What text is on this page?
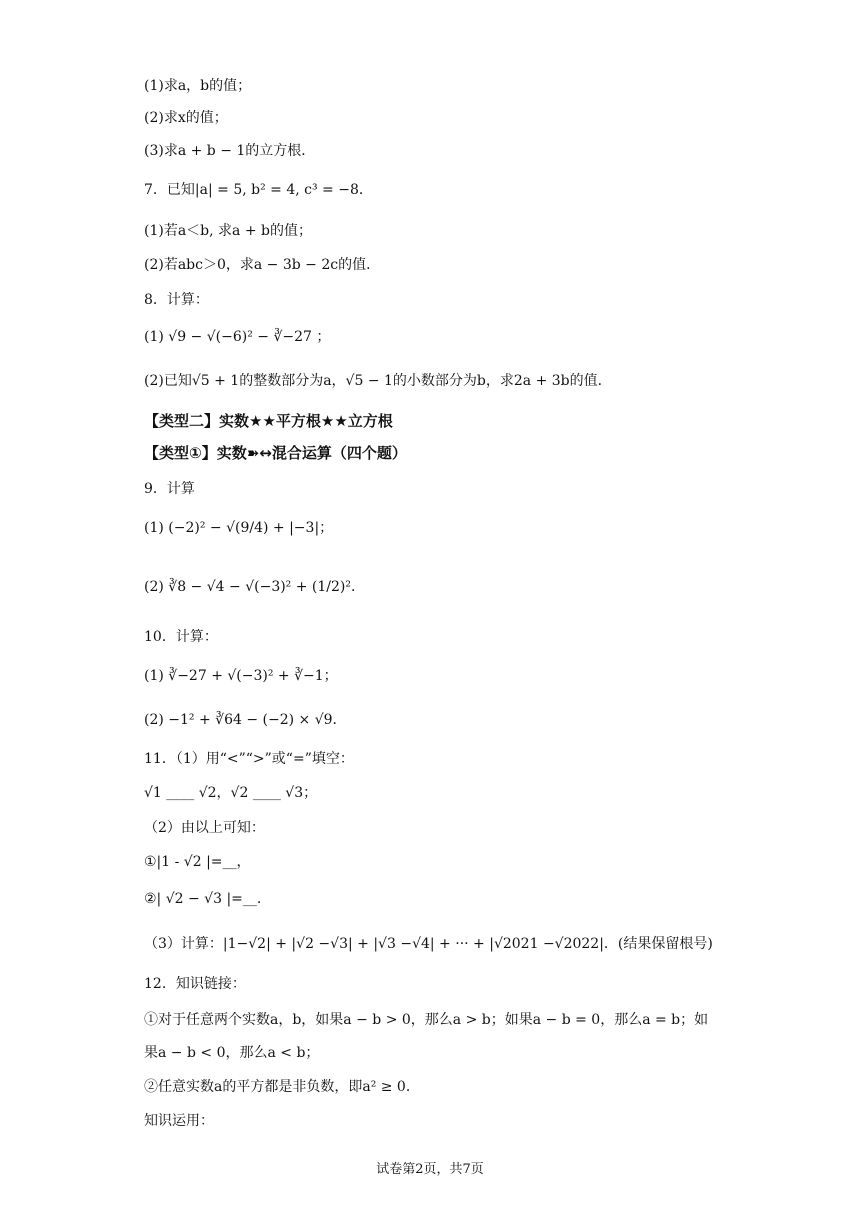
(1)求a，b的值；
(2)求x的值；
(3)求a + b − 1的立方根．
7．已知|a| = 5, b² = 4, c³ = −8．
(1)若a＜b, 求a + b的值；
(2)若abc＞0，求a − 3b − 2c的值．
8．计算：
(1) √9 − √(−6)² − ∛−27 ；
(2)已知√5 + 1的整数部分为a，√5 − 1的小数部分为b，求2a + 3b的值．
【类型二】实数★★平方根★★立方根
【类型①】实数➽↔混合运算（四个题）
9．计算
(1) (−2)² − √(9/4) + |−3|；
(2) ∛8 − √4 − √(−3)² + (1/2)²．
10．计算：
(1) ∛−27 + √(−3)² + ∛−1；
(2) −1² + ∛64 − (−2) × √9．
11．（1）用“<”“>”或“=”填空：
√1 ____ √2，√2 ____ √3；
（2）由以上可知：
①|1 - √2 |=__，
②| √2 − √3 |=__.
（3）计算：|1−√2| + |√2 −√3| + |√3 −√4| + ··· + |√2021 −√2022|．(结果保留根号)
12．知识链接：
①对于任意两个实数a，b，如果a − b > 0，那么a > b；如果a − b = 0，那么a = b；如
果a − b < 0，那么a < b；
②任意实数a的平方都是非负数，即a² ≥ 0．
知识运用：
试卷第2页，共7页
